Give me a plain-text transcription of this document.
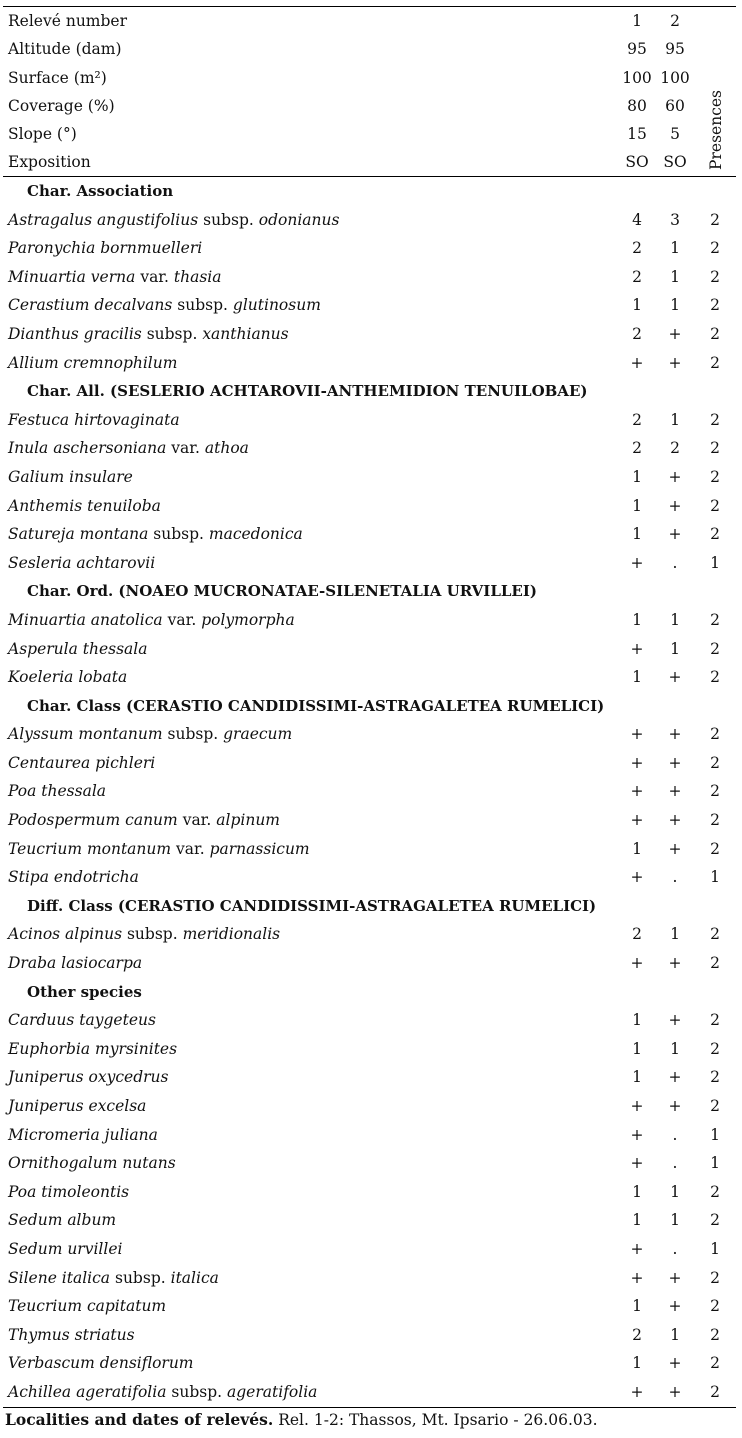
Relevé number	1	2
Altitude (dam)	95	95
Surface (m²)	100 100
Coverage (%)	80	60
Slope (°)	15	5
Exposition	SO SO	Presences
Char. Association
Astragalus angustifolius subsp. odonianus	4	3	2
Paronychia bornmuelleri	2	1	2
Minuartia verna var. thasia	2	1	2
Cerastium decalvans subsp. glutinosum	1	1	2
Dianthus gracilis subsp. xanthianus	2	+	2
Allium cremnophilum	+	+	2
Char. All. (SESLERIO ACHTAROVII-ANTHEMIDION TENUILOBAE)
Festuca hirtovaginata	2	1	2
Inula aschersoniana var. athoa	2	2	2
Galium insulare	1	+	2
Anthemis tenuiloba	1	+	2
Satureja montana subsp. macedonica	1	+	2
Sesleria achtarovii	+	.	1
Char. Ord. (NOAEO MUCRONATAE-SILENETALIA URVILLEI)
Minuartia anatolica var. polymorpha	1	1	2
Asperula thessala	+	1	2
Koeleria lobata	1	+	2
Char. Class (CERASTIO CANDIDISSIMI-ASTRAGALETEA RUMELICI)
Alyssum montanum subsp. graecum	+	+	2
Centaurea pichleri	+	+	2
Poa thessala	+	+	2
Podospermum canum var. alpinum	+	+	2
Teucrium montanum var. parnassicum	1	+	2
Stipa endotricha	+	.	1
Diff. Class (CERASTIO CANDIDISSIMI-ASTRAGALETEA RUMELICI)
Acinos alpinus subsp. meridionalis	2	1	2
Draba lasiocarpa	+	+	2
Other species
Carduus taygeteus	1	+	2
Euphorbia myrsinites	1	1	2
Juniperus oxycedrus	1	+	2
Juniperus excelsa	+	+	2
Micromeria juliana	+	.	1
Ornithogalum nutans	+	.	1
Poa timoleontis	1	1	2
Sedum album	1	1	2
Sedum urvillei	+	.	1
Silene italica subsp. italica	+	+	2
Teucrium capitatum	1	+	2
Thymus striatus	2	1	2
Verbascum densiflorum	1	+	2
Achillea ageratifolia subsp. ageratifolia	+	+	2
Localities and dates of relevés. Rel. 1-2: Thassos, Mt. Ipsario - 26.06.03.
